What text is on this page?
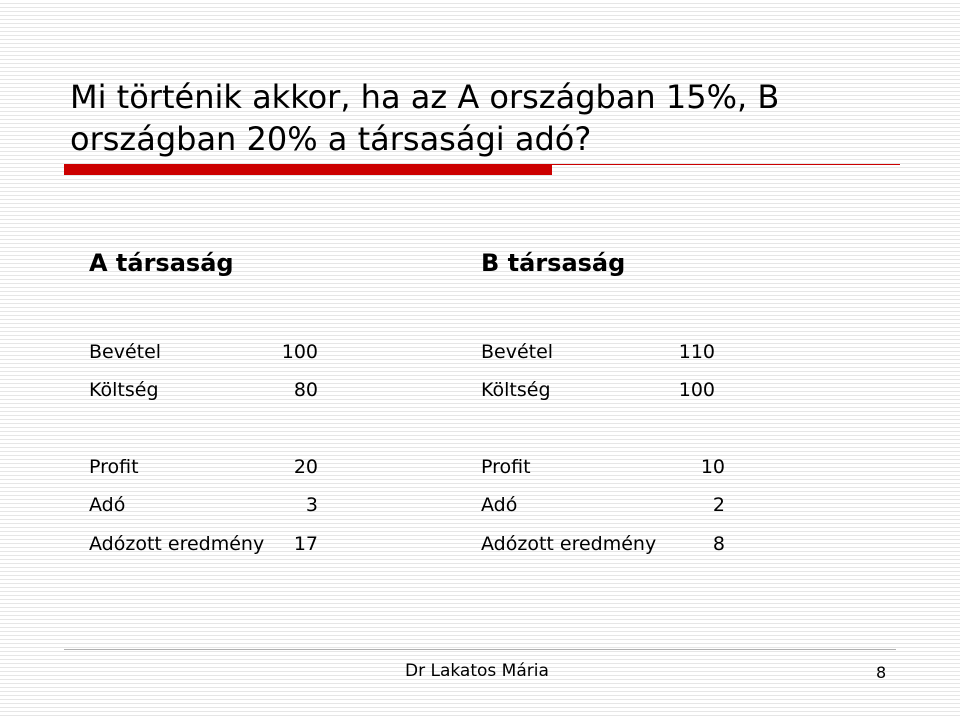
Mi történik akkor, ha az A országban 15%, B
országban 20% a társasági adó?
A társaság
Bevétel	100
Költség	80
Profit	20
Adó	3
Adózott eredmény	17
B társaság
Bevétel	110
Költség	100
Profit	10
Adó	2
Adózott eredmény	8
Dr Lakatos Mária	8
